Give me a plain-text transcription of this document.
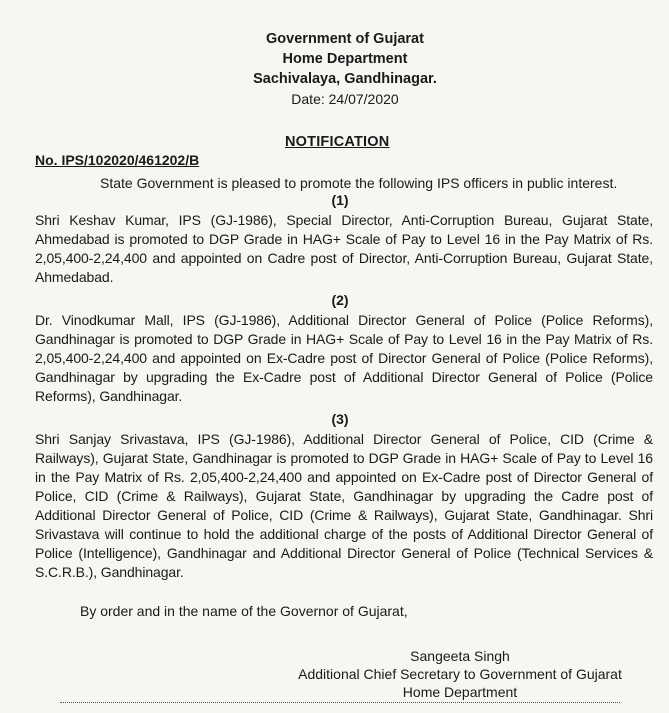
Government of Gujarat
Home Department
Sachivalaya, Gandhinagar.
Date: 24/07/2020
NOTIFICATION
No. IPS/102020/461202/B
State Government is pleased to promote the following IPS officers in public interest.
(1)
Shri Keshav Kumar, IPS (GJ-1986), Special Director, Anti-Corruption Bureau, Gujarat State, Ahmedabad is promoted to DGP Grade in HAG+ Scale of Pay to Level 16 in the Pay Matrix of Rs. 2,05,400-2,24,400 and appointed on Cadre post of Director, Anti-Corruption Bureau, Gujarat State, Ahmedabad.
(2)
Dr. Vinodkumar Mall, IPS (GJ-1986), Additional Director General of Police (Police Reforms), Gandhinagar is promoted to DGP Grade in HAG+ Scale of Pay to Level 16 in the Pay Matrix of Rs. 2,05,400-2,24,400 and appointed on Ex-Cadre post of Director General of Police (Police Reforms), Gandhinagar by upgrading the Ex-Cadre post of Additional Director General of Police (Police Reforms), Gandhinagar.
(3)
Shri Sanjay Srivastava, IPS (GJ-1986), Additional Director General of Police, CID (Crime & Railways), Gujarat State, Gandhinagar is promoted to DGP Grade in HAG+ Scale of Pay to Level 16 in the Pay Matrix of Rs. 2,05,400-2,24,400 and appointed on Ex-Cadre post of Director General of Police, CID (Crime & Railways), Gujarat State, Gandhinagar by upgrading the Cadre post of Additional Director General of Police, CID (Crime & Railways), Gujarat State, Gandhinagar. Shri Srivastava will continue to hold the additional charge of the posts of Additional Director General of Police (Intelligence), Gandhinagar and Additional Director General of Police (Technical Services & S.C.R.B.), Gandhinagar.
By order and in the name of the Governor of Gujarat,
Sangeeta Singh
Additional Chief Secretary to Government of Gujarat
Home Department
